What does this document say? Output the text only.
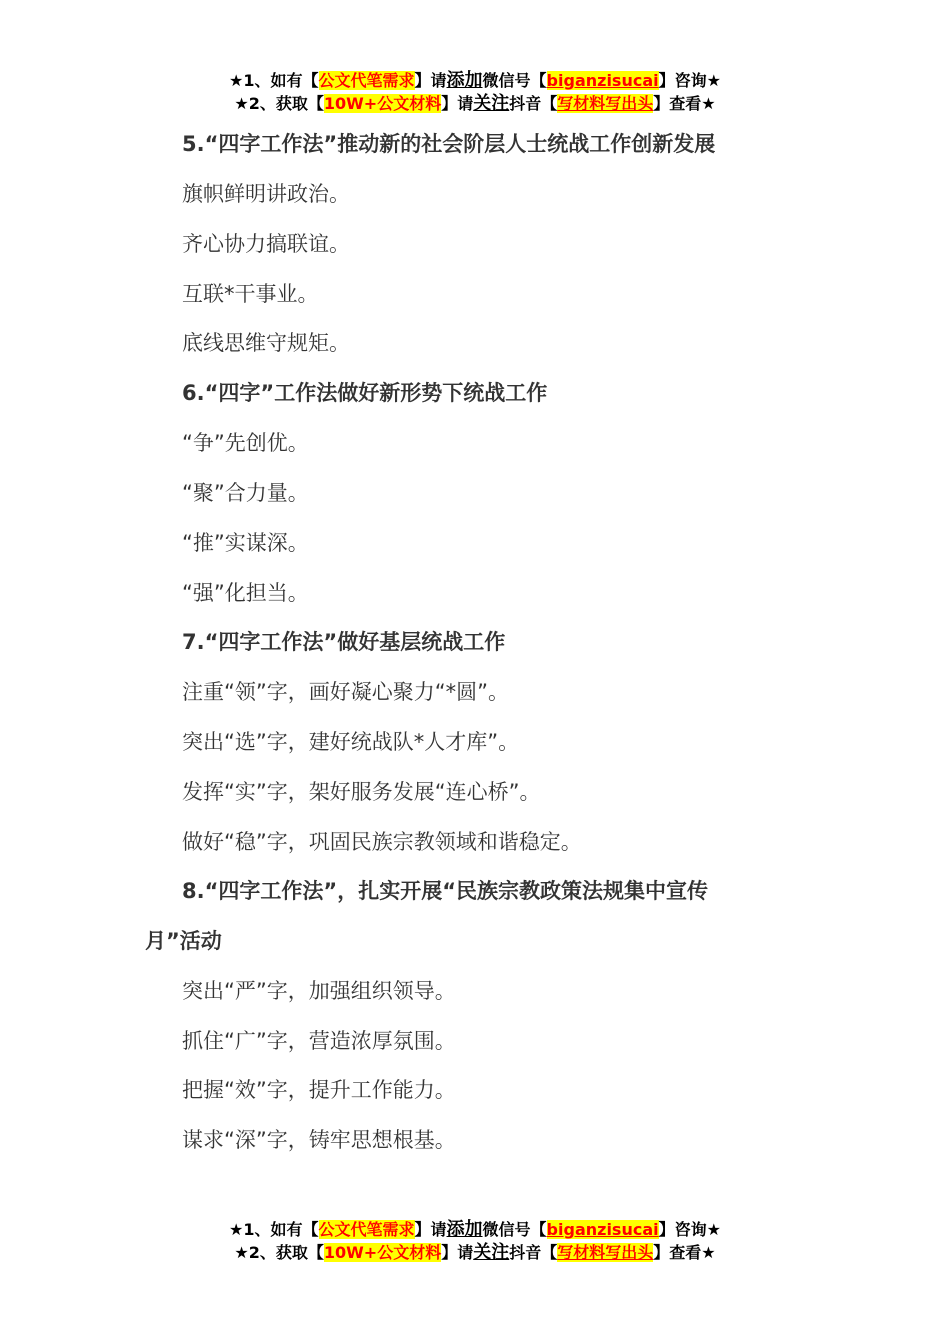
★1、如有【公文代笔需求】请添加微信号【biganzisucai】咨询★
★2、获取【10W+公文材料】请关注抖音【写材料写出头】查看★
5.“四字工作法”推动新的社会阶层人士统战工作创新发展
旗帜鲜明讲政治。
齐心协力搞联谊。
互联*干事业。
底线思维守规矩。
6.“四字”工作法做好新形势下统战工作
“争”先创优。
“聚”合力量。
“推”实谋深。
“强”化担当。
7.“四字工作法”做好基层统战工作
注重“领”字，画好凝心聚力“*圆”。
突出“选”字，建好统战队*人才库”。
发挥“实”字，架好服务发展“连心桥”。
做好“稳”字，巩固民族宗教领域和谐稳定。
8.“四字工作法”，扎实开展“民族宗教政策法规集中宣传
月”活动
突出“严”字，加强组织领导。
抓住“广”字，营造浓厚氛围。
把握“效”字，提升工作能力。
谋求“深”字，铸牢思想根基。
★1、如有【公文代笔需求】请添加微信号【biganzisucai】咨询★
★2、获取【10W+公文材料】请关注抖音【写材料写出头】查看★
